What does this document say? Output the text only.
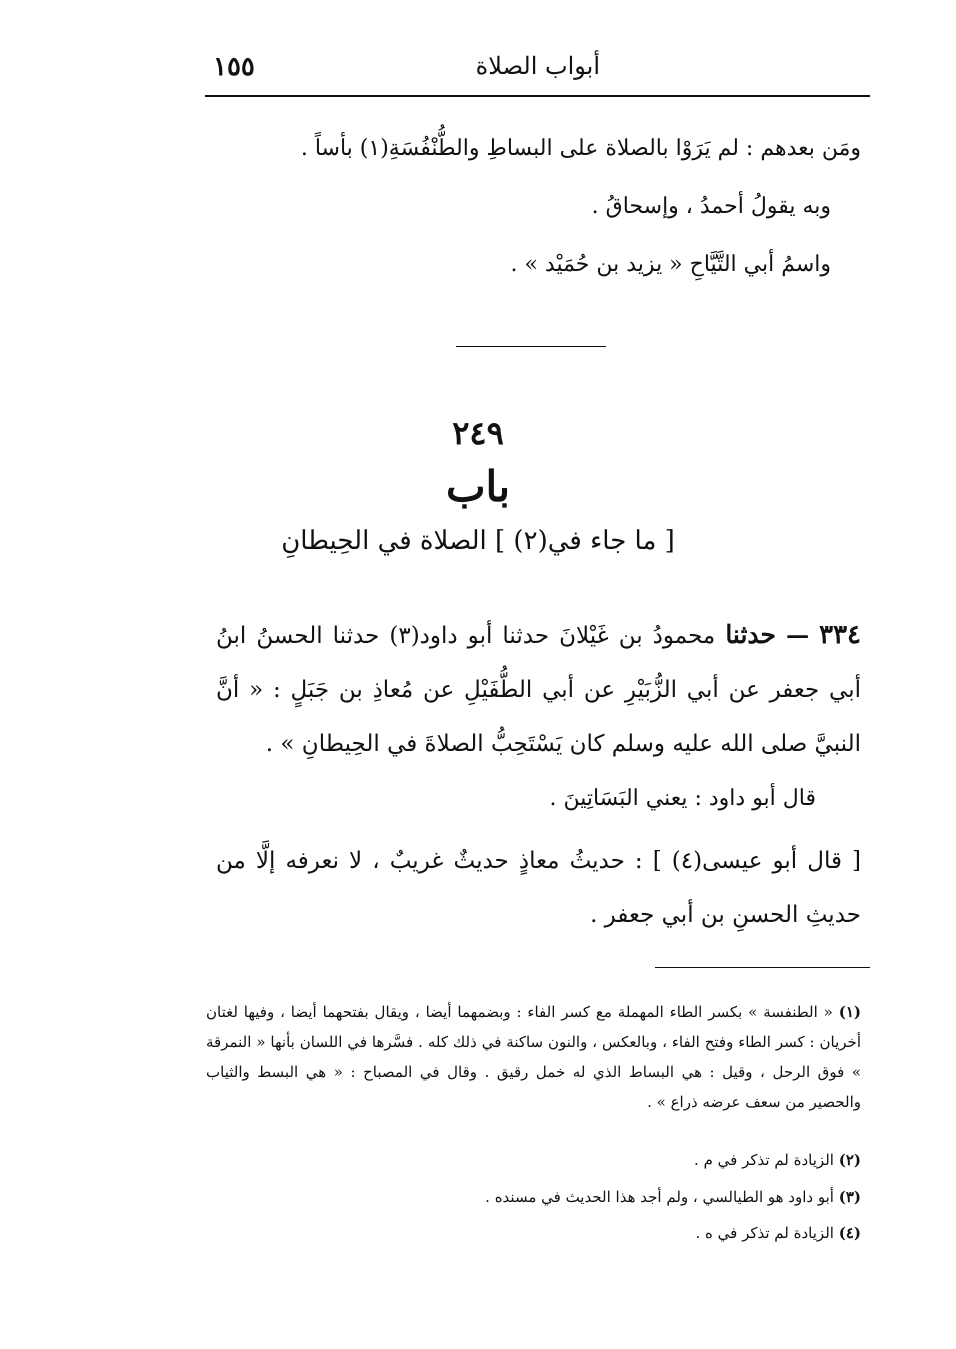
أبواب الصلاة
١٥٥
ومَن بعدهم : لم يَرَوْا بالصلاة على البساطِ والطُّنْفُسَةِ(١) بأساً .
وبه يقولُ أحمدُ ، وإسحاقُ .
واسمُ أبي التَّيَّاحِ « يزيد بن حُمَيْد » .
٢٤٩
باب
[ ما جاء في(٢) ] الصلاة في الحِيطانِ
٣٣٤ — حدثنا محمودُ بن غَيْلانَ حدثنا أبو داود(٣) حدثنا الحسنُ ابنُ أبي جعفر عن أبي الزُّبَيْرِ عن أبي الطُّفَيْلِ عن مُعاذِ بن جَبَلٍ : « أنَّ النبيَّ صلى الله عليه وسلم كان يَسْتَحِبُّ الصلاةَ في الحِيطانِ » .
قال أبو داود : يعني البَسَاتِينَ .
[ قال أبو عيسى(٤) ] : حديثُ معاذٍ حديثٌ غريبٌ ، لا نعرفه إلَّا من حديثِ الحسنِ بن أبي جعفر .
(١) « الطنفسة » بكسر الطاء المهملة مع كسر الفاء : وبضمهما أيضا ، ويقال بفتحهما أيضا ، وفيها لغتان أخريان : كسر الطاء وفتح الفاء ، وبالعكس ، والنون ساكنة في ذلك كله . فسَّرها في اللسان بأنها « النمرقة » فوق الرحل ، وقيل : هي البساط الذي له خمل رقيق . وقال في المصباح : « هي البسط والثياب والحصير من سعف عرضه ذراع » .
(٢) الزيادة لم تذكر في م .
(٣) أبو داود هو الطيالسي ، ولم أجد هذا الحديث في مسنده .
(٤) الزيادة لم تذكر في ه .
